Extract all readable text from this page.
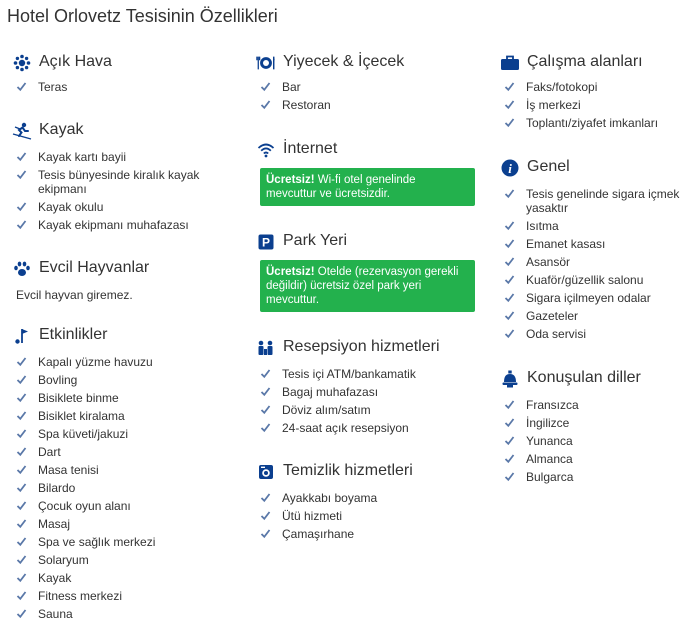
Hotel Orlovetz Tesisinin Özellikleri
Açık Hava
Teras
Kayak
Kayak kartı bayii
Tesis bünyesinde kiralık kayak ekipmanı
Kayak okulu
Kayak ekipmanı muhafazası
Evcil Hayvanlar
Evcil hayvan giremez.
Etkinlikler
Kapalı yüzme havuzu
Bovling
Bisiklete binme
Bisiklet kiralama
Spa küveti/jakuzi
Dart
Masa tenisi
Bilardo
Çocuk oyun alanı
Masaj
Spa ve sağlık merkezi
Solaryum
Kayak
Fitness merkezi
Sauna
Yiyecek & İçecek
Bar
Restoran
İnternet
Ücretsiz! Wi-fi otel genelinde mevcuttur ve ücretsizdir.
P Park Yeri
Ücretsiz! Otelde (rezervasyon gerekli değildir) ücretsiz özel park yeri mevcuttur.
Resepsiyon hizmetleri
Tesis içi ATM/bankamatik
Bagaj muhafazası
Döviz alım/satım
24-saat açık resepsiyon
Temizlik hizmetleri
Ayakkabı boyama
Ütü hizmeti
Çamaşırhane
Çalışma alanları
Faks/fotokopi
İş merkezi
Toplantı/ziyafet imkanları
i Genel
Tesis genelinde sigara içmek yasaktır
Isıtma
Emanet kasası
Asansör
Kuaför/güzellik salonu
Sigara içilmeyen odalar
Gazeteler
Oda servisi
Konuşulan diller
Fransızca
İngilizce
Yunanca
Almanca
Bulgarca
